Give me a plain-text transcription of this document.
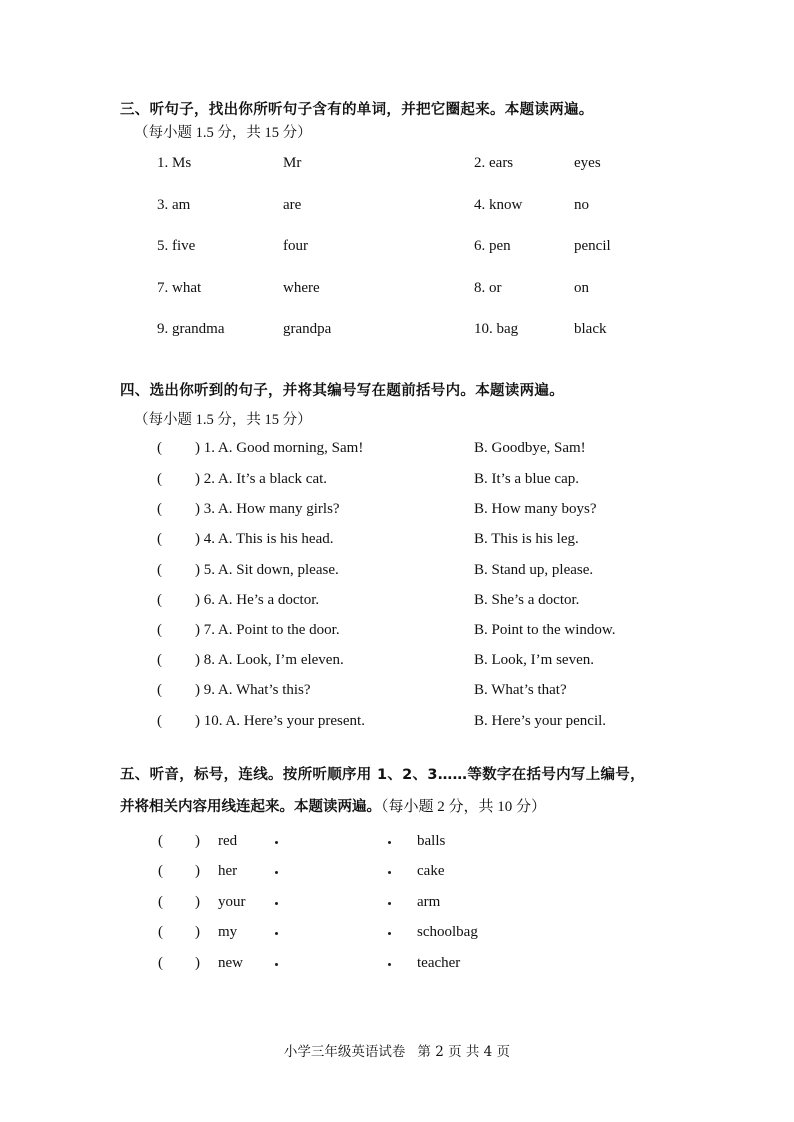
三、听句子，找出你所听句子含有的单词，并把它圈起来。本题读两遍。
（每小题 1.5 分，共 15 分）
1. Ms	Mr	2. ears	eyes
3. am	are	4. know	no
5. five	four	6. pen	pencil
7. what	where	8. or	on
9. grandma	grandpa	10. bag	black
四、选出你听到的句子，并将其编号写在题前括号内。本题读两遍。
（每小题 1.5 分，共 15 分）
( ) 1. A. Good morning, Sam!	B. Goodbye, Sam!
( ) 2. A. It’s a black cat.	B. It’s a blue cap.
( ) 3. A. How many girls?	B. How many boys?
( ) 4. A. This is his head.	B. This is his leg.
( ) 5. A. Sit down, please.	B. Stand up, please.
( ) 6. A. He’s a doctor.	B. She’s a doctor.
( ) 7. A. Point to the door.	B. Point to the window.
( ) 8. A. Look, I’m eleven.	B. Look, I’m seven.
( ) 9. A. What’s this?	B. What’s that?
( ) 10. A. Here’s your present.	B. Here’s your pencil.
五、听音，标号，连线。按所听顺序用 1、2、3……等数字在括号内写上编号，
并将相关内容用线连起来。本题读两遍。（每小题 2 分，共 10 分）
( ) red	balls
( ) her	cake
( ) your	arm
( ) my	schoolbag
( ) new	teacher
小学三年级英语试卷 第 2 页 共 4 页
